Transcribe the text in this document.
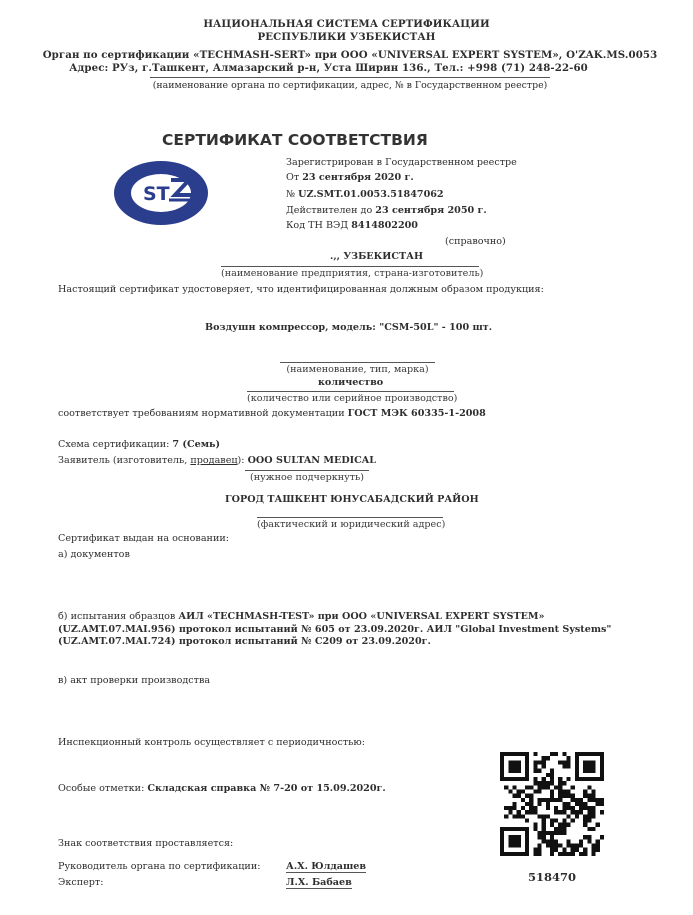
НАЦИОНАЛЬНАЯ СИСТЕМА СЕРТИФИКАЦИИ
РЕСПУБЛИКИ УЗБЕКИСТАН
Орган по сертификации «TECHMASH-SERT» при ООО «UNIVERSAL EXPERT SYSTEM», O'ZAK.MS.0053
Адрес: РУз, г.Ташкент, Алмазарский р-н, Уста Ширин 136., Тел.: +998 (71) 248-22-60
(наименование органа по сертификации, адрес, № в Государственном реестре)
СЕРТИФИКАТ СООТВЕТСТВИЯ
ST
Зарегистрирован в Государственном реестре
От 23 сентября 2020 г.
№ UZ.SMT.01.0053.51847062
Действителен до 23 сентября 2050 г.
Код ТН ВЭД 8414802200
(справочно)
.,, УЗБЕКИСТАН
(наименование предприятия, страна-изготовитель)
Настоящий сертификат удостоверяет, что идентифицированная должным образом продукция:
Воздушн компрессор, модель: "CSM-50L" - 100 шт.
(наименование, тип, марка)
количество
(количество или серийное производство)
соответствует требованиям нормативной документации ГОСТ МЭК 60335-1-2008
Схема сертификации: 7 (Семь)
Заявитель (изготовитель, продавец): ООО SULTAN MEDICAL
(нужное подчеркнуть)
ГОРОД ТАШКЕНТ ЮНУСАБАДСКИЙ РАЙОН
(фактический и юридический адрес)
Сертификат выдан на основании:
а) документов
б) испытания образцов АИЛ «TECHMASH-TEST» при ООО «UNIVERSAL EXPERT SYSTEM»
(UZ.AMT.07.MAI.956) протокол испытаний № 605 от 23.09.2020г. АИЛ "Global Investment Systems"
(UZ.AMT.07.MAI.724) протокол испытаний № C209 от 23.09.2020г.
в) акт проверки производства
Инспекционный контроль осуществляет с периодичностью:
Особые отметки: Складская справка № 7-20 от 15.09.2020г.
Знак соответствия проставляется:
Руководитель органа по сертификации:	А.Х. Юлдашев
Эксперт:	Л.Х. Бабаев	518470
